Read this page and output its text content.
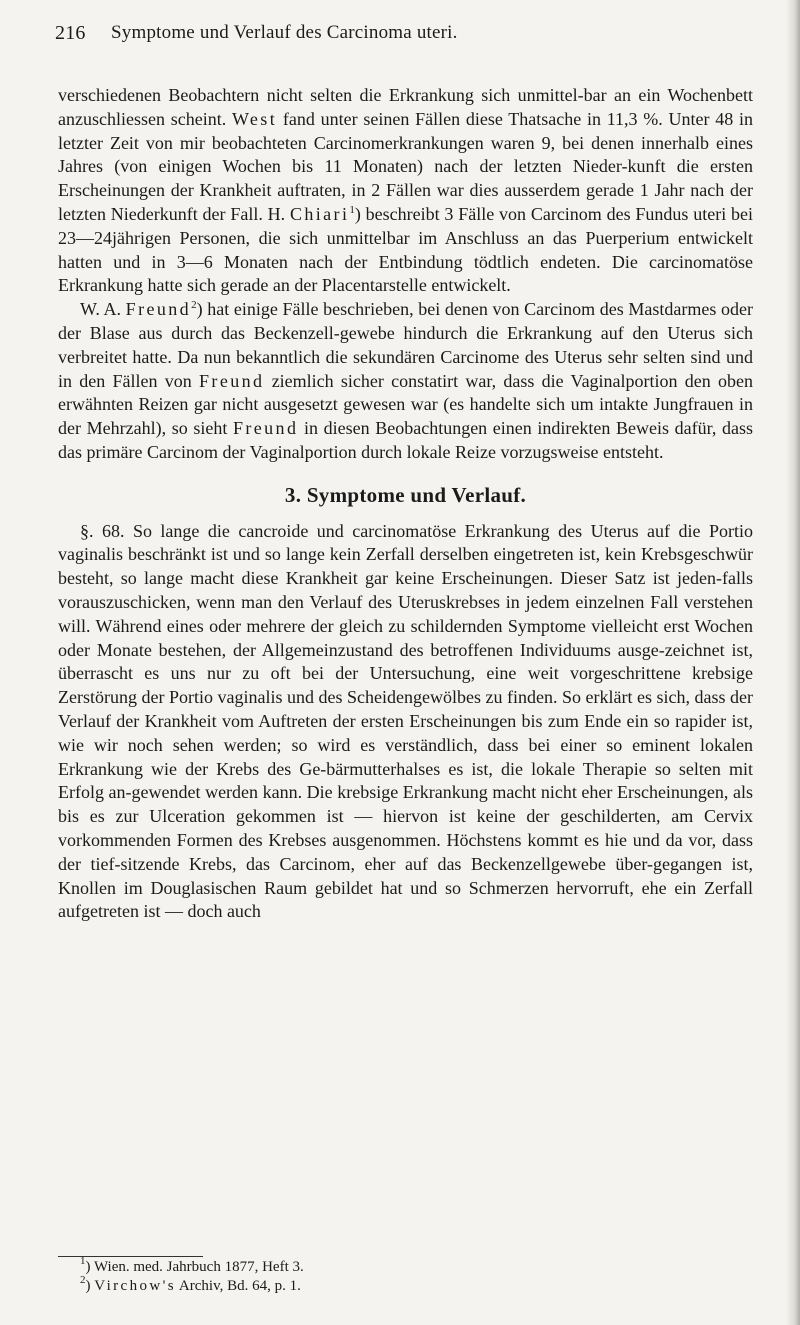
216 Symptome und Verlauf des Carcinoma uteri.

verschiedenen Beobachtern nicht selten die Erkrankung sich unmittel-bar an ein Wochenbett anzuschliessen scheint. West fand unter seinen Fällen diese Thatsache in 11,3 %. Unter 48 in letzter Zeit von mir beobachteten Carcinomerkrankungen waren 9, bei denen innerhalb eines Jahres (von einigen Wochen bis 11 Monaten) nach der letzten Nieder-kunft die ersten Erscheinungen der Krankheit auftraten, in 2 Fällen war dies ausserdem gerade 1 Jahr nach der letzten Niederkunft der Fall. H. Chiari$^1$) beschreibt 3 Fälle von Carcinom des Fundus uteri bei 23—24jährigen Personen, die sich unmittelbar im Anschluss an das Puerperium entwickelt hatten und in 3—6 Monaten nach der Entbindung tödtlich endeten. Die carcinomatöse Erkrankung hatte sich gerade an der Placentarstelle entwickelt.

W. A. Freund$^2$) hat einige Fälle beschrieben, bei denen von Carcinom des Mastdarmes oder der Blase aus durch das Beckenzell-gewebe hindurch die Erkrankung auf den Uterus sich verbreitet hatte. Da nun bekanntlich die sekundären Carcinome des Uterus sehr selten sind und in den Fällen von Freund ziemlich sicher constatirt war, dass die Vaginalportion den oben erwähnten Reizen gar nicht ausgesetzt gewesen war (es handelte sich um intakte Jungfrauen in der Mehrzahl), so sieht Freund in diesen Beobachtungen einen indirekten Beweis dafür, dass das primäre Carcinom der Vaginalportion durch lokale Reize vorzugsweise entsteht.

3. Symptome und Verlauf.

§. 68. So lange die cancroide und carcinomatöse Erkrankung des Uterus auf die Portio vaginalis beschränkt ist und so lange kein Zerfall derselben eingetreten ist, kein Krebsgeschwür besteht, so lange macht diese Krankheit gar keine Erscheinungen. Dieser Satz ist jeden-falls vorauszuschicken, wenn man den Verlauf des Uteruskrebses in jedem einzelnen Fall verstehen will. Während eines oder mehrere der gleich zu schildernden Symptome vielleicht erst Wochen oder Monate bestehen, der Allgemeinzustand des betroffenen Individuums ausge-zeichnet ist, überrascht es uns nur zu oft bei der Untersuchung, eine weit vorgeschrittene krebsige Zerstörung der Portio vaginalis und des Scheidengewölbes zu finden. So erklärt es sich, dass der Verlauf der Krankheit vom Auftreten der ersten Erscheinungen bis zum Ende ein so rapider ist, wie wir noch sehen werden; so wird es verständlich, dass bei einer so eminent lokalen Erkrankung wie der Krebs des Ge-bärmutterhalses es ist, die lokale Therapie so selten mit Erfolg an-gewendet werden kann. Die krebsige Erkrankung macht nicht eher Erscheinungen, als bis es zur Ulceration gekommen ist — hiervon ist keine der geschilderten, am Cervix vorkommenden Formen des Krebses ausgenommen. Höchstens kommt es hie und da vor, dass der tief-sitzende Krebs, das Carcinom, eher auf das Beckenzellgewebe über-gegangen ist, Knollen im Douglasischen Raum gebildet hat und so Schmerzen hervorruft, ehe ein Zerfall aufgetreten ist — doch auch

$^1$) Wien. med. Jahrbuch 1877, Heft 3.
$^2$) Virchow's Archiv, Bd. 64, p. 1.
